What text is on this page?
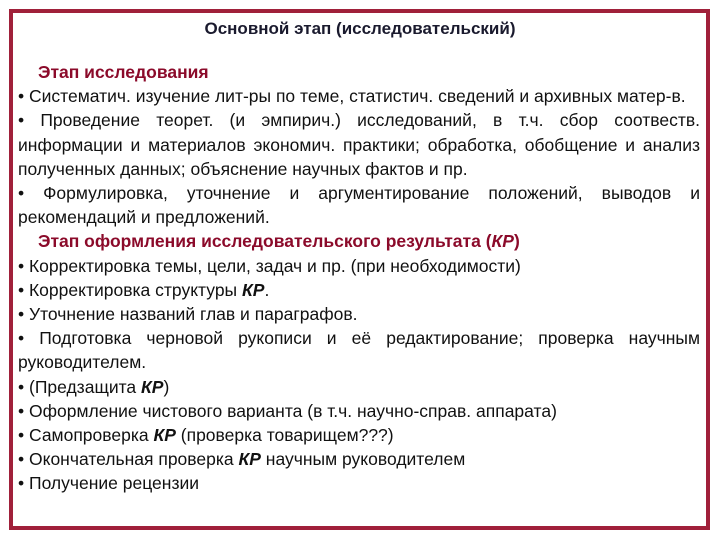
Основной этап (исследовательский)

Этап исследования

• Систематич. изучение лит-ры по теме, статистич. сведений и архивных матер-в.

• Проведение теорет. (и эмпирич.) исследований, в т.ч. сбор соотвеств. информации и материалов экономич. практики; обработка, обобщение и анализ полученных данных; объяснение научных фактов и пр.

• Формулировка, уточнение и аргументирование положений, выводов и рекомендаций и предложений.

Этап оформления исследовательского результата (КР)

• Корректировка темы, цели, задач и пр. (при необходимости)

• Корректировка структуры КР.

• Уточнение названий глав и параграфов.

• Подготовка черновой рукописи и её редактирование; проверка научным руководителем.

• (Предзащита КР)

• Оформление чистового варианта (в т.ч. научно-справ. аппарата)

• Самопроверка КР (проверка товарищем???)

• Окончательная проверка КР научным руководителем

• Получение рецензии
